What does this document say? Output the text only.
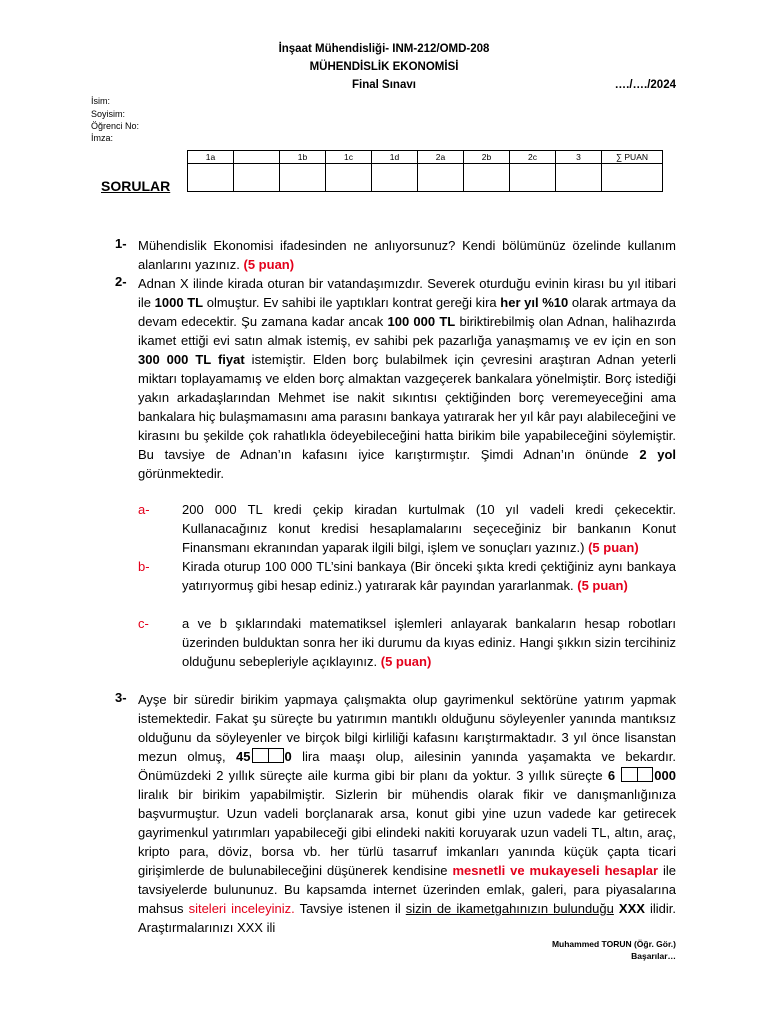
İnşaat Mühendisliği- INM-212/OMD-208
MÜHENDİSLİK EKONOMİSİ
Final Sınavı	…./…./2024
İsim:
Soyisim:
Öğrenci No:
İmza:
1a		1b	1c	1d	2a	2b	2c	3	∑ PUAN

SORULAR
1- Mühendislik Ekonomisi ifadesinden ne anlıyorsunuz? Kendi bölümünüz özelinde kullanım alanlarını yazınız. (5 puan)
2- Adnan X ilinde kirada oturan bir vatandaşımızdır. Severek oturduğu evinin kirası bu yıl itibari ile 1000 TL olmuştur. Ev sahibi ile yaptıkları kontrat gereği kira her yıl %10 olarak artmaya da devam edecektir. Şu zamana kadar ancak 100 000 TL biriktirebilmiş olan Adnan, halihazırda ikamet ettiği evi satın almak istemiş, ev sahibi pek pazarlığa yanaşmamış ve ev için en son 300 000 TL fiyat istemiştir. Elden borç bulabilmek için çevresini araştıran Adnan yeterli miktarı toplayamamış ve elden borç almaktan vazgeçerek bankalara yönelmiştir. Borç istediği yakın arkadaşlarından Mehmet ise nakit sıkıntısı çektiğinden borç veremeyeceğini ama bankalara hiç bulaşmamasını ama parasını bankaya yatırarak her yıl kâr payı alabileceğini ve kirasını bu şekilde çok rahatlıkla ödeyebileceğini hatta birikim bile yapabileceğini söylemiştir. Bu tavsiye de Adnan’ın kafasını iyice karıştırmıştır. Şimdi Adnan’ın önünde 2 yol görünmektedir.
a- 200 000 TL kredi çekip kiradan kurtulmak (10 yıl vadeli kredi çekecektir. Kullanacağınız konut kredisi hesaplamalarını seçeceğiniz bir bankanın Konut Finansmanı ekranından yaparak ilgili bilgi, işlem ve sonuçları yazınız.) (5 puan)
b- Kirada oturup 100 000 TL’sini bankaya (Bir önceki şıkta kredi çektiğiniz aynı bankaya yatırıyormuş gibi hesap ediniz.) yatırarak kâr payından yararlanmak. (5 puan)
c-	a ve b şıklarındaki matematiksel işlemleri anlayarak bankaların hesap robotları üzerinden bulduktan sonra her iki durumu da kıyas ediniz. Hangi şıkkın sizin tercihiniz olduğunu sebepleriyle açıklayınız. (5 puan)
3- Ayşe bir süredir birikim yapmaya çalışmakta olup gayrimenkul sektörüne yatırım yapmak istemektedir. Fakat şu süreçte bu yatırımın mantıklı olduğunu söyleyenler yanında mantıksız olduğunu da söyleyenler ve birçok bilgi kirliliği kafasını karıştırmaktadır. 3 yıl önce lisanstan mezun olmuş, 45	0 lira maaşı olup, ailesinin yanında yaşamakta ve bekardır. Önümüzdeki 2 yıllık süreçte aile kurma gibi bir planı da yoktur. 3 yıllık süreçte 6	000 liralık bir birikim yapabilmiştir. Sizlerin bir mühendis olarak fikir ve danışmanlığınıza başvurmuştur. Uzun vadeli borçlanarak arsa, konut gibi yine uzun vadede kar getirecek gayrimenkul yatırımları yapabileceği gibi elindeki nakiti koruyarak uzun vadeli TL, altın, araç, kripto para, döviz, borsa vb. her türlü tasarruf imkanları yanında küçük çapta ticari girişimlerde de bulunabileceğini düşünerek kendisine mesnetli ve mukayeseli hesaplar ile tavsiyelerde bulununuz. Bu kapsamda internet üzerinden emlak, galeri, para piyasalarına mahsus siteleri inceleyiniz. Tavsiye istenen il sizin de ikametgahınızın bulunduğu XXX ilidir. Araştırmalarınızı XXX ili
Muhammed TORUN (Öğr. Gör.)
Başarılar…
